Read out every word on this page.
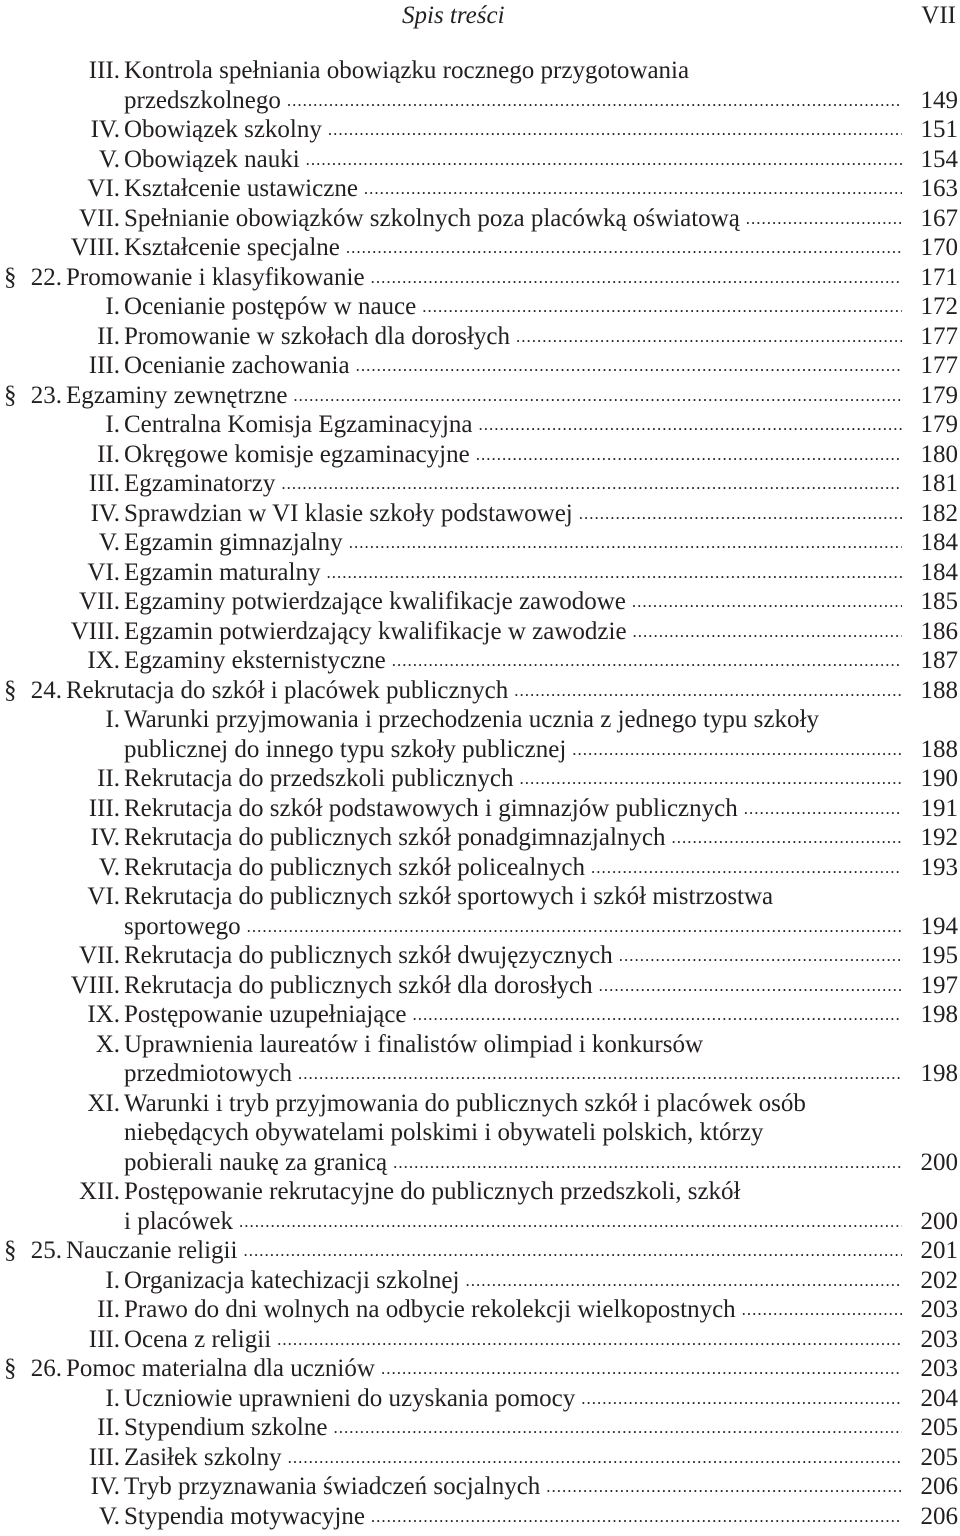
Spis treści	VII
III. Kontrola spełniania obowiązku rocznego przygotowania
przedszkolnego .....	149
IV. Obowiązek szkolny .....	151
V. Obowiązek nauki .....	154
VI. Kształcenie ustawiczne .....	163
VII. Spełnianie obowiązków szkolnych poza placówką oświatową .....	167
VIII. Kształcenie specjalne .....	170
§ 22. Promowanie i klasyfikowanie .....	171
I. Ocenianie postępów w nauce .....	172
II. Promowanie w szkołach dla dorosłych .....	177
III. Ocenianie zachowania .....	177
§ 23. Egzaminy zewnętrzne .....	179
I. Centralna Komisja Egzaminacyjna .....	179
II. Okręgowe komisje egzaminacyjne .....	180
III. Egzaminatorzy .....	181
IV. Sprawdzian w VI klasie szkoły podstawowej .....	182
V. Egzamin gimnazjalny .....	184
VI. Egzamin maturalny .....	184
VII. Egzaminy potwierdzające kwalifikacje zawodowe .....	185
VIII. Egzamin potwierdzający kwalifikacje w zawodzie .....	186
IX. Egzaminy eksternistyczne .....	187
§ 24. Rekrutacja do szkół i placówek publicznych .....	188
I. Warunki przyjmowania i przechodzenia ucznia z jednego typu szkoły
publicznej do innego typu szkoły publicznej .....	188
II. Rekrutacja do przedszkoli publicznych .....	190
III. Rekrutacja do szkół podstawowych i gimnazjów publicznych .....	191
IV. Rekrutacja do publicznych szkół ponadgimnazjalnych .....	192
V. Rekrutacja do publicznych szkół policealnych .....	193
VI. Rekrutacja do publicznych szkół sportowych i szkół mistrzostwa
sportowego .....	194
VII. Rekrutacja do publicznych szkół dwujęzycznych .....	195
VIII. Rekrutacja do publicznych szkół dla dorosłych .....	197
IX. Postępowanie uzupełniające .....	198
X. Uprawnienia laureatów i finalistów olimpiad i konkursów
przedmiotowych .....	198
XI. Warunki i tryb przyjmowania do publicznych szkół i placówek osób
niebędących obywatelami polskimi i obywateli polskich, którzy
pobierali naukę za granicą .....	200
XII. Postępowanie rekrutacyjne do publicznych przedszkoli, szkół
i placówek .....	200
§ 25. Nauczanie religii .....	201
I. Organizacja katechizacji szkolnej .....	202
II. Prawo do dni wolnych na odbycie rekolekcji wielkopostnych .....	203
III. Ocena z religii .....	203
§ 26. Pomoc materialna dla uczniów .....	203
I. Uczniowie uprawnieni do uzyskania pomocy .....	204
II. Stypendium szkolne .....	205
III. Zasiłek szkolny .....	205
IV. Tryb przyznawania świadczeń socjalnych .....	206
V. Stypendia motywacyjne .....	206
